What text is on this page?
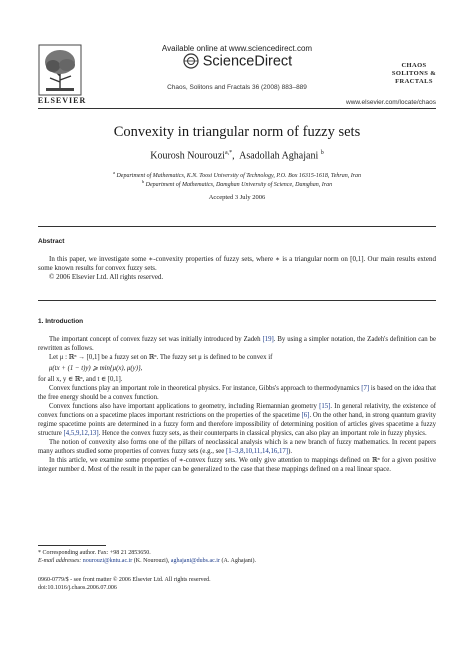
ELSEVIER
Available online at www.sciencedirect.com
ScienceDirect
Chaos, Solitons and Fractals 36 (2008) 883–889
CHAOS
SOLITONS & FRACTALS
www.elsevier.com/locate/chaos
Convexity in triangular norm of fuzzy sets
Kourosh Nourouzi$^{a,*}$,  Asadollah Aghajani $^b$
$^a$ Department of Mathematics, K.N. Toosi University of Technology, P.O. Box 16315-1618, Tehran, Iran
$^b$ Department of Mathematics, Damghan University of Science, Damghan, Iran
Accepted 3 July 2006
Abstract
In this paper, we investigate some ∗-convexity properties of fuzzy sets, where ∗ is a triangular norm on [0,1]. Our main results extend some known results for convex fuzzy sets.
© 2006 Elsevier Ltd. All rights reserved.
1. Introduction

The important concept of convex fuzzy set was initially introduced by Zadeh [19]. By using a simpler notation, the Zadeh's definition can be rewritten as follows.

Let μ : ℝⁿ → [0,1] be a fuzzy set on ℝⁿ. The fuzzy set μ is defined to be convex if

μ(tx + (1 − t)y) ⩾ min{μ(x), μ(y)},

for all x, y ∈ ℝⁿ, and t ∈ [0,1].

Convex functions play an important role in theoretical physics. For instance, Gibbs's approach to thermodynamics [7] is based on the idea that the free energy should be a convex function.

Convex functions also have important applications to geometry, including Riemannian geometry [15]. In general relativity, the existence of convex functions on a spacetime places important restrictions on the properties of the spacetime [6]. On the other hand, in strong quantum gravity regime spacetime points are determined in a fuzzy form and therefore impossibility of determining position of articles gives spacetime a fuzzy structure [4,5,9,12,13]. Hence the convex fuzzy sets, as their counterparts in classical physics, can also play an important role in fuzzy physics.

The notion of convexity also forms one of the pillars of neoclassical analysis which is a new branch of fuzzy mathematics. In recent papers many authors studied some properties of convex fuzzy sets (e.g., see [1–3,8,10,11,14,16,17]).

In this article, we examine some properties of ∗-convex fuzzy sets. We only give attention to mappings defined on ℝⁿ for a given positive integer number d. Most of the result in the paper can be generalized to the case that these mappings defined on a real linear space.

* Corresponding author. Fax: +98 21 2853650.
E-mail addresses: nourouzi@kntu.ac.ir (K. Nourouzi), aghajani@dubs.ac.ir (A. Aghajani).
0960-0779/$ - see front matter © 2006 Elsevier Ltd. All rights reserved.
doi:10.1016/j.chaos.2006.07.006
